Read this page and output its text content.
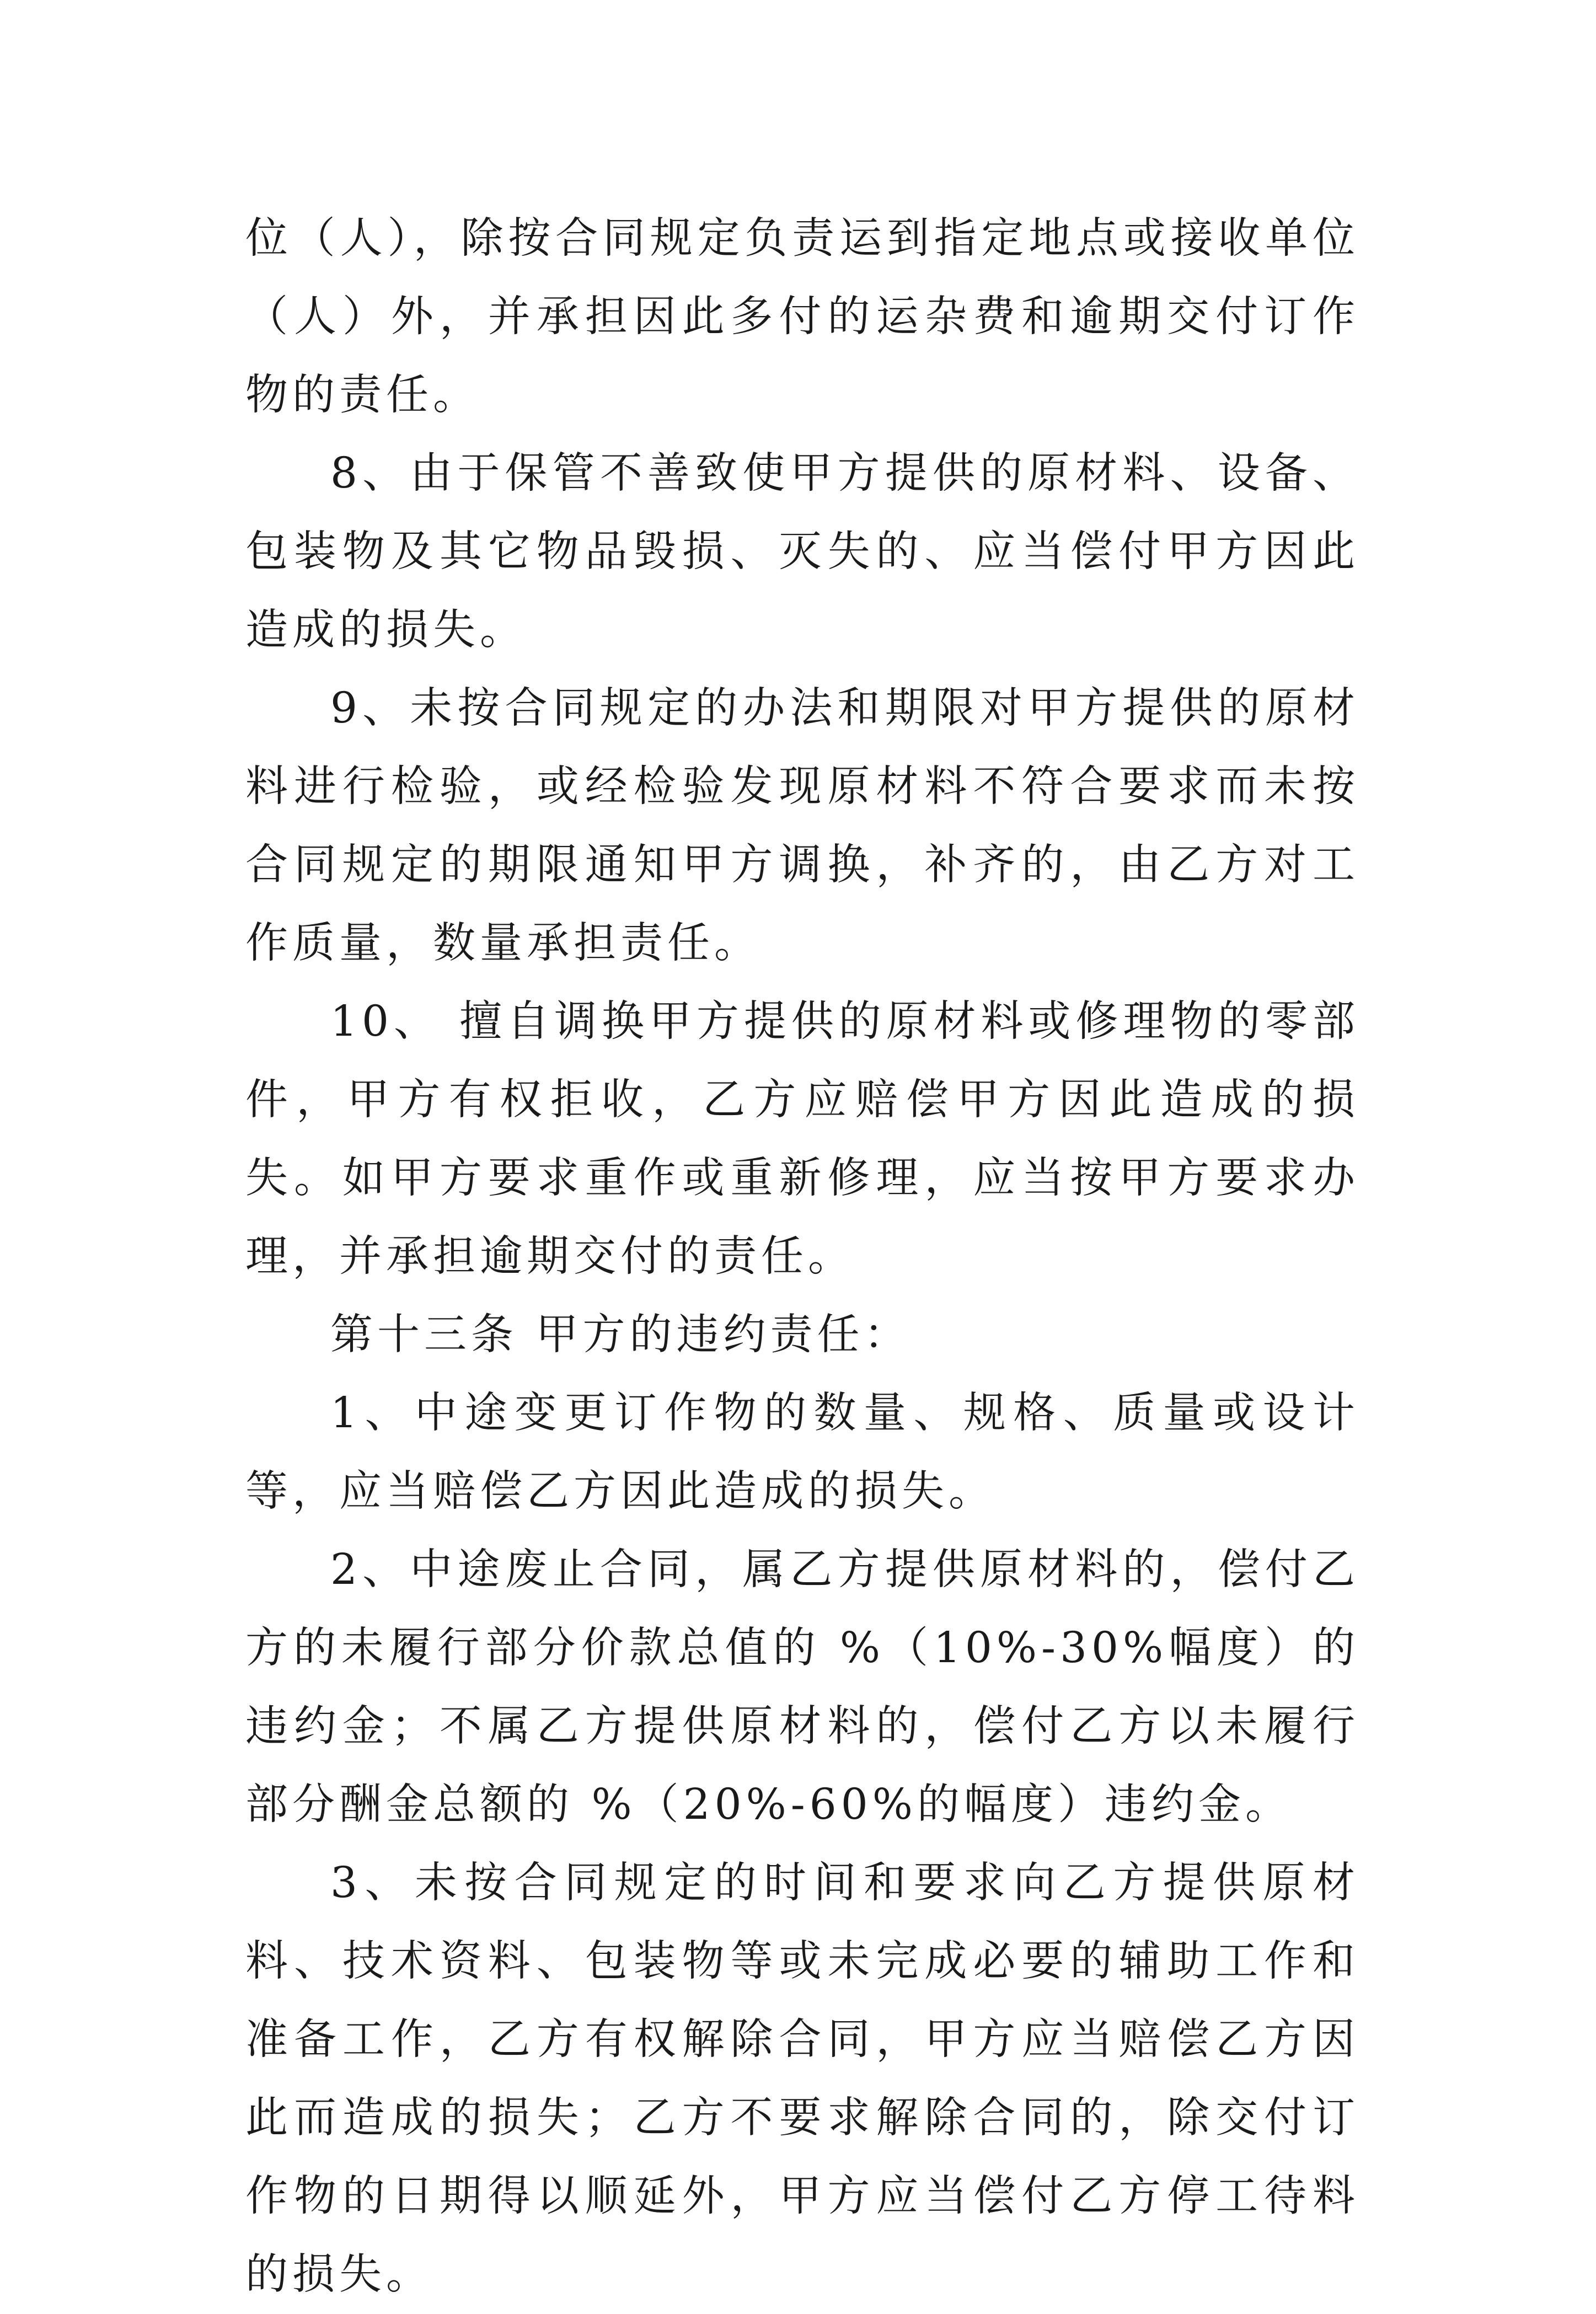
位（人），除按合同规定负责运到指定地点或接收单位（人）外，并承担因此多付的运杂费和逾期交付订作物的责任。

8、由于保管不善致使甲方提供的原材料、设备、包装物及其它物品毁损、灭失的、应当偿付甲方因此造成的损失。

9、未按合同规定的办法和期限对甲方提供的原材料进行检验，或经检验发现原材料不符合要求而未按合同规定的期限通知甲方调换，补齐的，由乙方对工作质量，数量承担责任。

10、 擅自调换甲方提供的原材料或修理物的零部件，甲方有权拒收，乙方应赔偿甲方因此造成的损失。如甲方要求重作或重新修理，应当按甲方要求办理，并承担逾期交付的责任。

第十三条 甲方的违约责任：

1、中途变更订作物的数量、规格、质量或设计等，应当赔偿乙方因此造成的损失。

2、中途废止合同，属乙方提供原材料的，偿付乙方的未履行部分价款总值的 %（10%-30%幅度）的违约金；不属乙方提供原材料的，偿付乙方以未履行部分酬金总额的 %（20%-60%的幅度）违约金。

3、未按合同规定的时间和要求向乙方提供原材料、技术资料、包装物等或未完成必要的辅助工作和准备工作，乙方有权解除合同，甲方应当赔偿乙方因此而造成的损失；乙方不要求解除合同的，除交付订作物的日期得以顺延外，甲方应当偿付乙方停工待料的损失。
